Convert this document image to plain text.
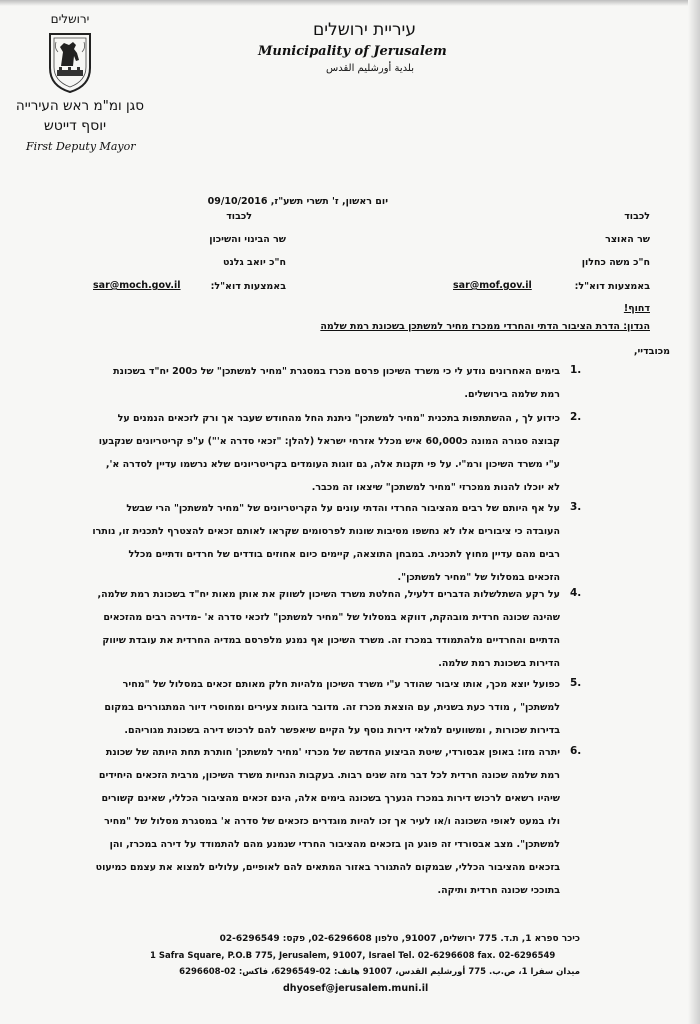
ירושלים
עיריית ירושלים
Municipality of Jerusalem
بلدية أورشليم القدس
סגן ומ"מ ראש העירייה
יוסף דייטש
First Deputy Mayor
יום ראשון, ז' תשרי תשע"ז, 09/10/2016
לכבוד
שר האוצר
ח"כ משה כחלון
באמצעות דוא"ל:
sar@mof.gov.il
לכבוד
שר הבינוי והשיכון
ח"כ יואב גלנט
באמצעות דוא"ל:
sar@moch.gov.il
דחוף!
הנדון: הדרת הציבור הדתי והחרדי ממכרז מחיר למשתכן בשכונת רמת שלמה
מכובדיי,
1.
בימים האחרונים נודע לי כי משרד השיכון פרסם מכרז במסגרת "מחיר למשתכן" של כ200 יח"ד בשכונת
רמת שלמה בירושלים.
2.
כידוע לך , ההשתתפות בתכנית "מחיר למשתכן" ניתנת החל מהחודש שעבר אך ורק לזכאים הנמנים על
קבוצה סגורה המונה כ60,000 איש מכלל אזרחי ישראל (להלן: "זכאי סדרה א'") ע"פ קריטריונים שנקבעו
ע"י משרד השיכון ורמ"י. על פי תקנות אלה, גם זוגות העומדים בקריטריונים שלא נרשמו עדיין לסדרה א',
לא יוכלו להנות ממכרזי "מחיר למשתכן" שיצאו זה מכבר.
3.
על אף היותם של רבים מהציבור החרדי והדתי עונים על הקריטריונים של "מחיר למשתכן" הרי שבשל
העובדה כי ציבורים אלו לא נחשפו מסיבות שונות לפרסומים שקראו לאותם זכאים להצטרף לתכנית זו, נותרו
רבים מהם עדיין מחוץ לתכנית. במבחן התוצאה, קיימים כיום אחוזים בודדים של חרדים ודתיים מכלל
הזכאים במסלול של "מחיר למשתכן".
4.
על רקע השתלשלות הדברים דלעיל, החלטת משרד השיכון לשווק את אותן מאות יח"ד בשכונת רמת שלמה,
שהינה שכונה חרדית מובהקת, דווקא במסלול של "מחיר למשתכן" לזכאי סדרה א' -מדירה רבים מהזכאים
הדתיים והחרדיים מלהתמודד במכרז זה. משרד השיכון אף נמנע מלפרסם במדיה החרדית את עובדת שיווק
הדירות בשכונת רמת שלמה.
5.
כפועל יוצא מכך, אותו ציבור שהודר ע"י משרד השיכון מלהיות חלק מאותם זכאים במסלול של "מחיר
למשתכן" , מודר כעת בשנית, עם הוצאת מכרז זה. מדובר בזוגות צעירים ומחוסרי דיור המתגוררים במקום
בדירות שכורות , ומשוועים למלאי דירות נוסף על הקיים שיאפשר להם לרכוש דירה בשכונת מגוריהם.
6.
יתרה מזו: באופן אבסורדי, שיטת הביצוע החדשה של מכרזי 'מחיר למשתכן' חותרת תחת היותה של שכונת
רמת שלמה שכונה חרדית לכל דבר מזה שנים רבות. בעקבות הנחיות משרד השיכון, מרבית הזכאים היחידים
שיהיו רשאים לרכוש דירות במכרז הנערך בשכונה בימים אלה, הינם זכאים מהציבור הכללי, שאינם קשורים
ולו במעט לאופי השכונה ו/או לעיר אך זכו להיות מוגדרים כזכאים של סדרה א' במסגרת מסלול של "מחיר
למשתכן". מצב אבסורדי זה פוגע הן בזכאים מהציבור החרדי שנמנע מהם להתמודד על דירה במכרז, והן
בזכאים מהציבור הכללי, שבמקום להתגורר באזור המתאים להם לאופיים, עלולים למצוא את עצמם כמיעוט
בתוככי שכונה חרדית ותיקה.
כיכר ספרא 1, ת.ד. 775 ירושלים, 91007, טלפון 02-6296608, פקס: 02-6296549
1 Safra Square, P.O.B 775, Jerusalem, 91007, Israel Tel. 02-6296608 fax. 02-6296549
ميدان سفرا 1، ص.ب. 775 أورشليم القدس، 91007 هاتف: 02-6296549، فاكس: 02-6296608
dhyosef@jerusalem.muni.il
